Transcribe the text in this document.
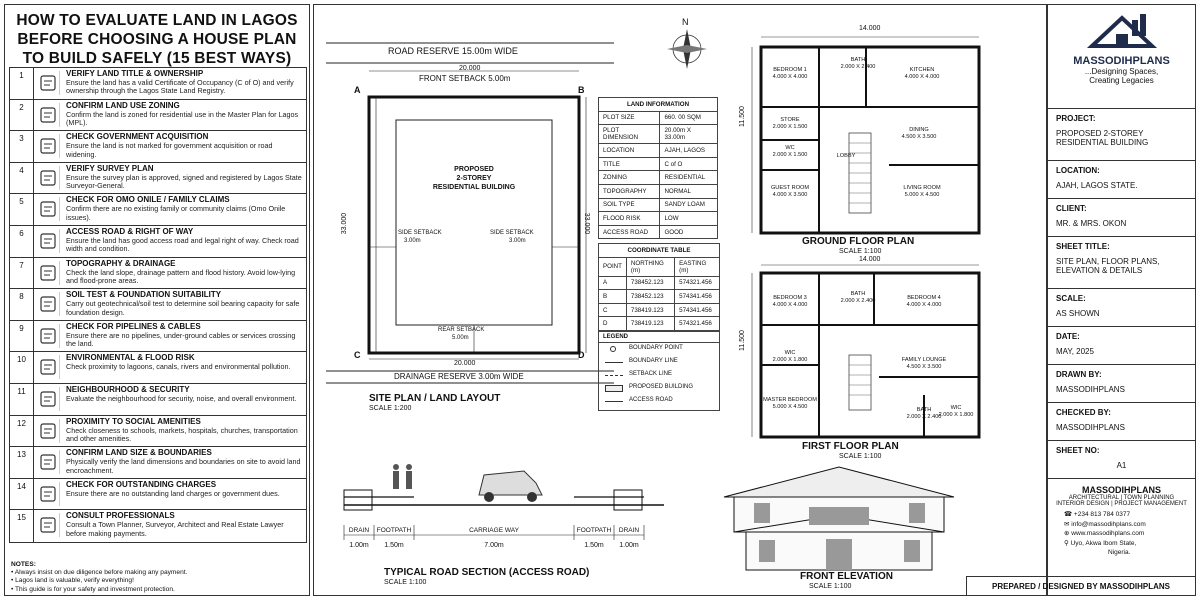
HOW TO EVALUATE LAND IN LAGOS
BEFORE CHOOSING A HOUSE PLAN
TO BUILD SAFELY (15 BEST WAYS)
1	VERIFY LAND TITLE & OWNERSHIP
Ensure the land has a valid Certificate of Occupancy (C of O) and verify ownership through the Lagos State Land Registry.
2	CONFIRM LAND USE ZONING
Confirm the land is zoned for residential use in the Master Plan for Lagos (MPL).
3	CHECK GOVERNMENT ACQUISITION
Ensure the land is not marked for government acquisition or road widening.
4	VERIFY SURVEY PLAN
Ensure the survey plan is approved, signed and registered by Lagos State Surveyor-General.
5	CHECK FOR OMO ONILE / FAMILY CLAIMS
Confirm there are no existing family or community claims (Omo Onile issues).
6	ACCESS ROAD & RIGHT OF WAY
Ensure the land has good access road and legal right of way. Check road width and condition.
7	TOPOGRAPHY & DRAINAGE
Check the land slope, drainage pattern and flood history. Avoid low-lying and flood-prone areas.
8	SOIL TEST & FOUNDATION SUITABILITY
Carry out geotechnical/soil test to determine soil bearing capacity for safe foundation design.
9	CHECK FOR PIPELINES & CABLES
Ensure there are no pipelines, under-ground cables or services crossing the land.
10	ENVIRONMENTAL & FLOOD RISK
Check proximity to lagoons, canals, rivers and environmental pollution.
11	NEIGHBOURHOOD & SECURITY
Evaluate the neighbourhood for security, noise, and overall environment.
12	PROXIMITY TO SOCIAL AMENITIES
Check closeness to schools, markets, hospitals, churches, transportation and other amenities.
13	CONFIRM LAND SIZE & BOUNDARIES
Physically verify the land dimensions and boundaries on site to avoid land encroachment.
14	CHECK FOR OUTSTANDING CHARGES
Ensure there are no outstanding land charges or government dues.
15	CONSULT PROFESSIONALS
Consult a Town Planner, Surveyor, Architect and Real Estate Lawyer before making payments.
NOTES:
• Always insist on due diligence before making any payment.
• Lagos land is valuable, verify everything!
• This guide is for your safety and investment protection.
ROAD RESERVE 15.00m WIDE
20.000
FRONT SETBACK 5.00m
A	B
C	D
33.000	33.000
PROPOSED
2-STOREY
RESIDENTIAL BUILDING
SIDE SETBACK
3.00m
SIDE SETBACK
3.00m
REAR SETBACK
5.00m
20.000
DRAINAGE RESERVE 3.00m WIDE
SITE PLAN / LAND LAYOUT
SCALE 1:200
N
LAND INFORMATION	
PLOT SIZE	660. 00 SQM
PLOT DIMENSION	20.00m X 33.00m
LOCATION	AJAH, LAGOS
TITLE	C of O
ZONING	RESIDENTIAL
TOPOGRAPHY	NORMAL
SOIL TYPE	SANDY LOAM
FLOOD RISK	LOW
ACCESS ROAD	GOOD
COORDINATE TABLE		
POINT	NORTHING (m)	EASTING (m)
A	738452.123	574321.456
B	738452.123	574341.456
C	738419.123	574341.456
D	738419.123	574321.456
LEGEND
BOUNDARY POINT
BOUNDARY LINE
SETBACK LINE
PROPOSED BUILDING
ACCESS ROAD
14.000
11.500
BEDROOM 1
4.000 X 4.000
BATH
2.000 X 2.400	KITCHEN
4.000 X 4.000
STORE
2.000 X 1.500	DINING
4.500 X 3.500
WC
2.000 X 1.500	LOBBY
GUEST ROOM
4.000 X 3.500
LIVING ROOM
5.000 X 4.500
GROUND FLOOR PLAN
SCALE 1:100
14.000
11.500
BEDROOM 3
4.000 X 4.000
BATH
2.000 X 2.400	BEDROOM 4
4.000 X 4.000
WIC
2.000 X 1.800	FAMILY LOUNGE
4.500 X 3.500
MASTER BEDROOM
5.000 X 4.500	BATH
2.000 X 2.400
WIC
2.000 X 1.800
FIRST FLOOR PLAN
SCALE 1:100
DRAIN
1.00m
FOOTPATH
1.50m
CARRIAGE WAY
7.00m
FOOTPATH
1.50m
DRAIN
1.00m
TYPICAL ROAD SECTION (ACCESS ROAD)
SCALE 1:100
FRONT ELEVATION
SCALE 1:100
MASSODIHPLANS
...Designing Spaces,
Creating Legacies
PROJECT:
PROPOSED 2-STOREY
RESIDENTIAL BUILDING
LOCATION:
AJAH, LAGOS STATE.
CLIENT:
MR. & MRS. OKON
SHEET TITLE:
SITE PLAN, FLOOR PLANS,
ELEVATION & DETAILS
SCALE:
AS SHOWN
DATE:
MAY, 2025
DRAWN BY:
MASSODIHPLANS
CHECKED BY:
MASSODIHPLANS
SHEET NO:
A1
MASSODIHPLANS
ARCHITECTURAL | TOWN PLANNING
INTERIOR DESIGN | PROJECT MANAGEMENT
☎ +234 813 784 0377
✉ info@massodihplans.com
⊕ www.massodihplans.com
⚲ Uyo, Akwa Ibom State,
Nigeria.
PREPARED / DESIGNED BY MASSODIHPLANS
